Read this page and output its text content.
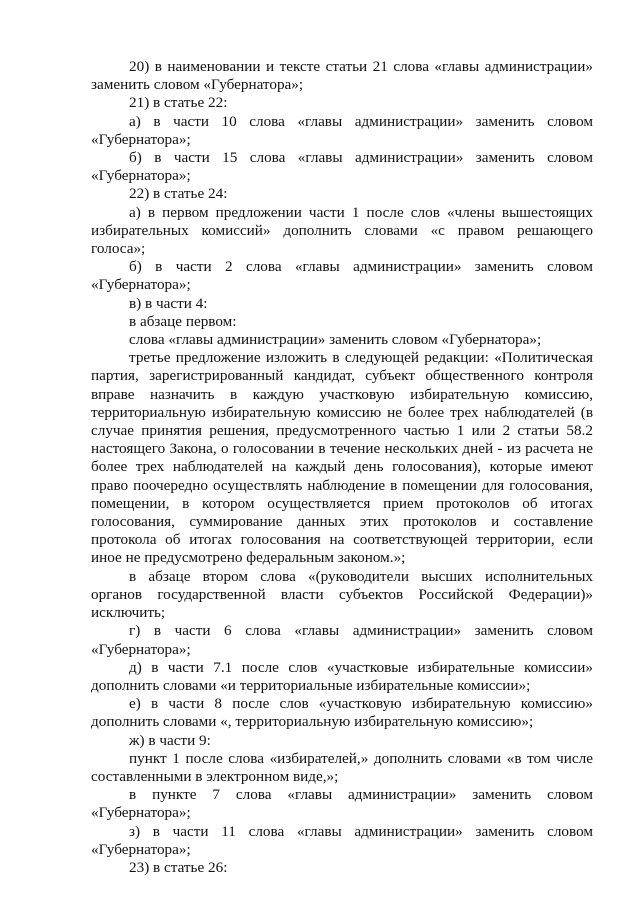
20) в наименовании и тексте статьи 21 слова «главы администрации» заменить словом «Губернатора»;

21) в статье 22:

а) в части 10 слова «главы администрации» заменить словом «Губернатора»;

б) в части 15 слова «главы администрации» заменить словом «Губернатора»;

22) в статье 24:

а) в первом предложении части 1 после слов «члены вышестоящих избирательных комиссий» дополнить словами «с правом решающего голоса»;

б) в части 2 слова «главы администрации» заменить словом «Губернатора»;

в) в части 4:

в абзаце первом:

слова «главы администрации» заменить словом «Губернатора»;

третье предложение изложить в следующей редакции: «Политическая партия, зарегистрированный кандидат, субъект общественного контроля вправе назначить в каждую участковую избирательную комиссию, территориальную избирательную комиссию не более трех наблюдателей (в случае принятия решения, предусмотренного частью 1 или 2 статьи 58.2 настоящего Закона, о голосовании в течение нескольких дней - из расчета не более трех наблюдателей на каждый день голосования), которые имеют право поочередно осуществлять наблюдение в помещении для голосования, помещении, в котором осуществляется прием протоколов об итогах голосования, суммирование данных этих протоколов и составление протокола об итогах голосования на соответствующей территории, если иное не предусмотрено федеральным законом.»;

в абзаце втором слова «(руководители высших исполнительных органов государственной власти субъектов Российской Федерации)» исключить;

г) в части 6 слова «главы администрации» заменить словом «Губернатора»;

д) в части 7.1 после слов «участковые избирательные комиссии» дополнить словами «и территориальные избирательные комиссии»;

е) в части 8 после слов «участковую избирательную комиссию» дополнить словами «, территориальную избирательную комиссию»;

ж) в части 9:

пункт 1 после слова «избирателей,» дополнить словами «в том числе составленными в электронном виде,»;

в пункте 7 слова «главы администрации» заменить словом «Губернатора»;

з) в части 11 слова «главы администрации» заменить словом «Губернатора»;

23) в статье 26:
